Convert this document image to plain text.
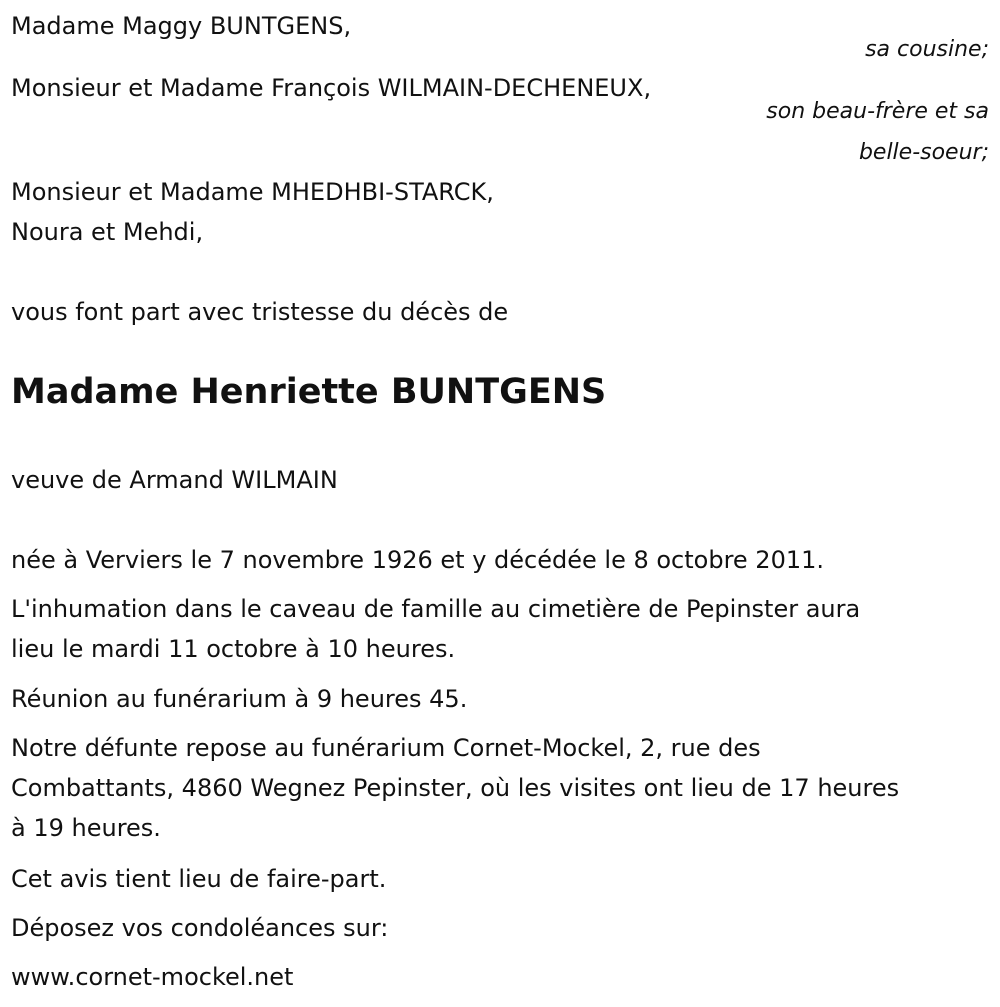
Madame Maggy BUNTGENS,
sa cousine;
Monsieur et Madame François WILMAIN-DECHENEUX,
son beau-frère et sa
belle-soeur;
Monsieur et Madame MHEDHBI-STARCK,
Noura et Mehdi,
vous font part avec tristesse du décès de
Madame Henriette BUNTGENS
veuve de Armand WILMAIN
née à Verviers le 7 novembre 1926 et y décédée le 8 octobre 2011.
L'inhumation dans le caveau de famille au cimetière de Pepinster aura
lieu le mardi 11 octobre à 10 heures.
Réunion au funérarium à 9 heures 45.
Notre défunte repose au funérarium Cornet-Mockel, 2, rue des
Combattants, 4860 Wegnez Pepinster, où les visites ont lieu de 17 heures
à 19 heures.
Cet avis tient lieu de faire-part.
Déposez vos condoléances sur:
www.cornet-mockel.net
